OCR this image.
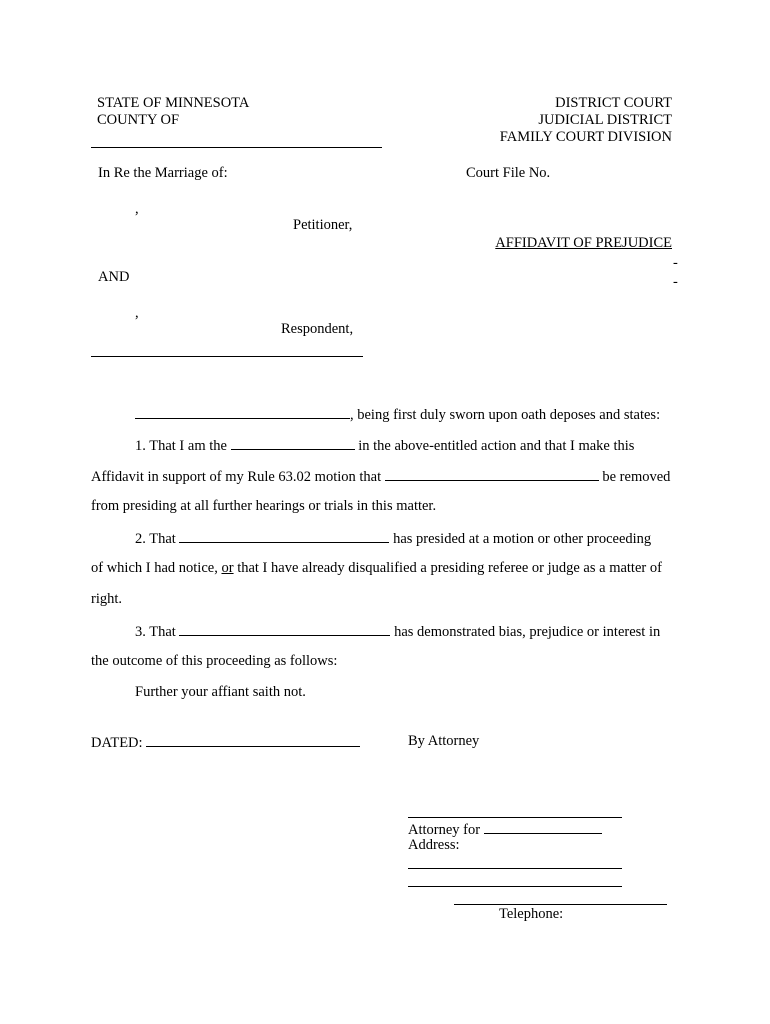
STATE OF MINNESOTA
COUNTY OF
DISTRICT COURT
JUDICIAL DISTRICT
FAMILY COURT DIVISION
In Re the Marriage of:	Court File No.
,
Petitioner,
AFFIDAVIT OF PREJUDICE
-
-
AND
,
Respondent,
, being first duly sworn upon oath deposes and states:
1. That I am the	in the above-entitled action and that I make this
Affidavit in support of my Rule 63.02 motion that	be removed
from presiding at all further hearings or trials in this matter.
2. That	has presided at a motion or other proceeding
of which I had notice, or that I have already disqualified a presiding referee or judge as a matter of
right.
3. That	has demonstrated bias, prejudice or interest in
the outcome of this proceeding as follows:
Further your affiant saith not.
DATED:	By Attorney
Attorney for
Address:
Telephone:
